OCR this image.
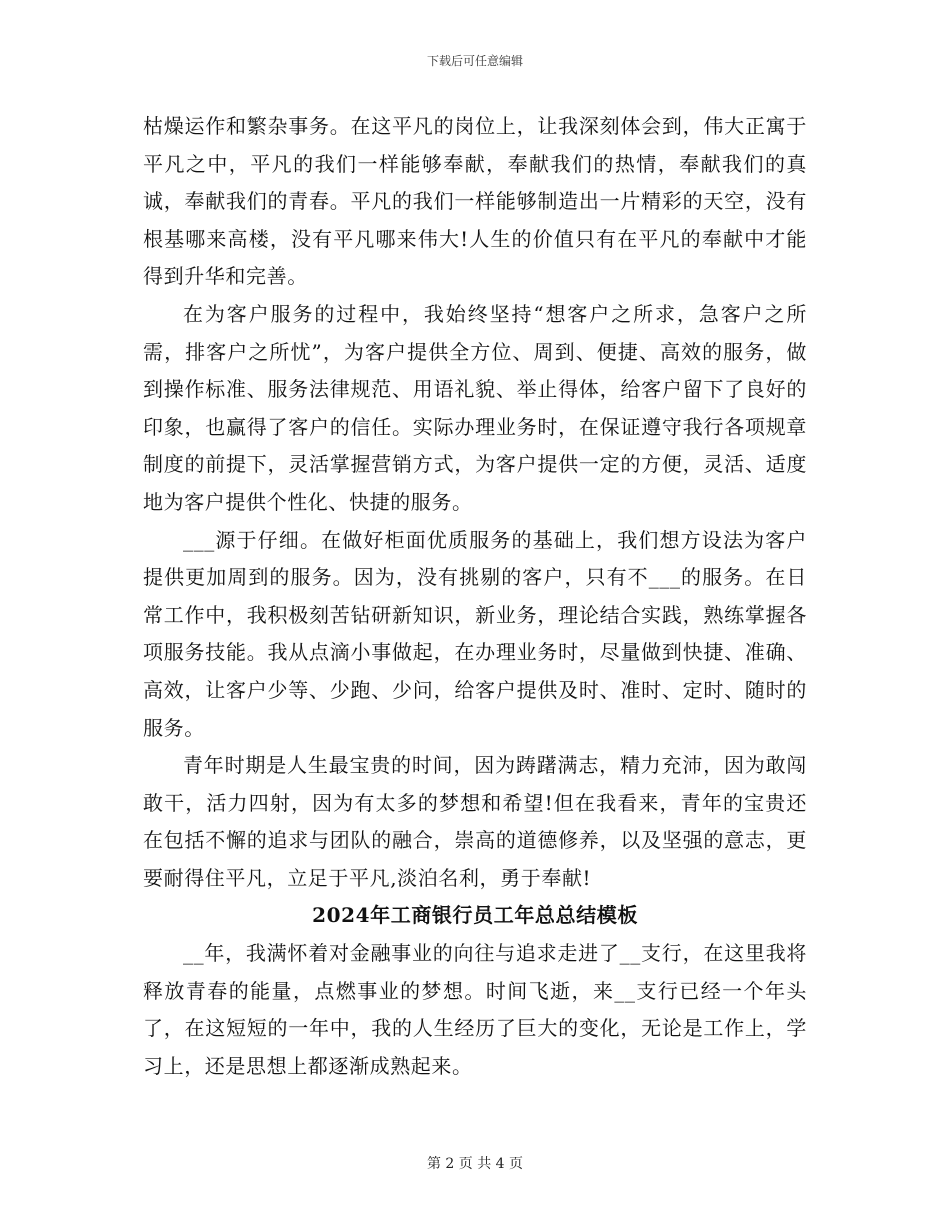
下载后可任意编辑

枯燥运作和繁杂事务。在这平凡的岗位上，让我深刻体会到，伟大正寓于平凡之中，平凡的我们一样能够奉献，奉献我们的热情，奉献我们的真诚，奉献我们的青春。平凡的我们一样能够制造出一片精彩的天空，没有根基哪来高楼，没有平凡哪来伟大!人生的价值只有在平凡的奉献中才能得到升华和完善。

在为客户服务的过程中，我始终坚持“想客户之所求，急客户之所需，排客户之所忧”，为客户提供全方位、周到、便捷、高效的服务，做到操作标准、服务法律规范、用语礼貌、举止得体，给客户留下了良好的印象，也赢得了客户的信任。实际办理业务时，在保证遵守我行各项规章制度的前提下，灵活掌握营销方式，为客户提供一定的方便，灵活、适度地为客户提供个性化、快捷的服务。

___源于仔细。在做好柜面优质服务的基础上，我们想方设法为客户提供更加周到的服务。因为，没有挑剔的客户，只有不___的服务。在日常工作中，我积极刻苦钻研新知识，新业务，理论结合实践，熟练掌握各项服务技能。我从点滴小事做起，在办理业务时，尽量做到快捷、准确、高效，让客户少等、少跑、少问，给客户提供及时、准时、定时、随时的服务。

青年时期是人生最宝贵的时间，因为踌躇满志，精力充沛，因为敢闯敢干，活力四射，因为有太多的梦想和希望!但在我看来，青年的宝贵还在包括不懈的追求与团队的融合，崇高的道德修养，以及坚强的意志，更要耐得住平凡，立足于平凡,淡泊名利，勇于奉献!

2024年工商银行员工年总总结模板

__年，我满怀着对金融事业的向往与追求走进了__支行，在这里我将释放青春的能量，点燃事业的梦想。时间飞逝，来__支行已经一个年头了，在这短短的一年中，我的人生经历了巨大的变化，无论是工作上，学习上，还是思想上都逐渐成熟起来。

第 2 页 共 4 页
